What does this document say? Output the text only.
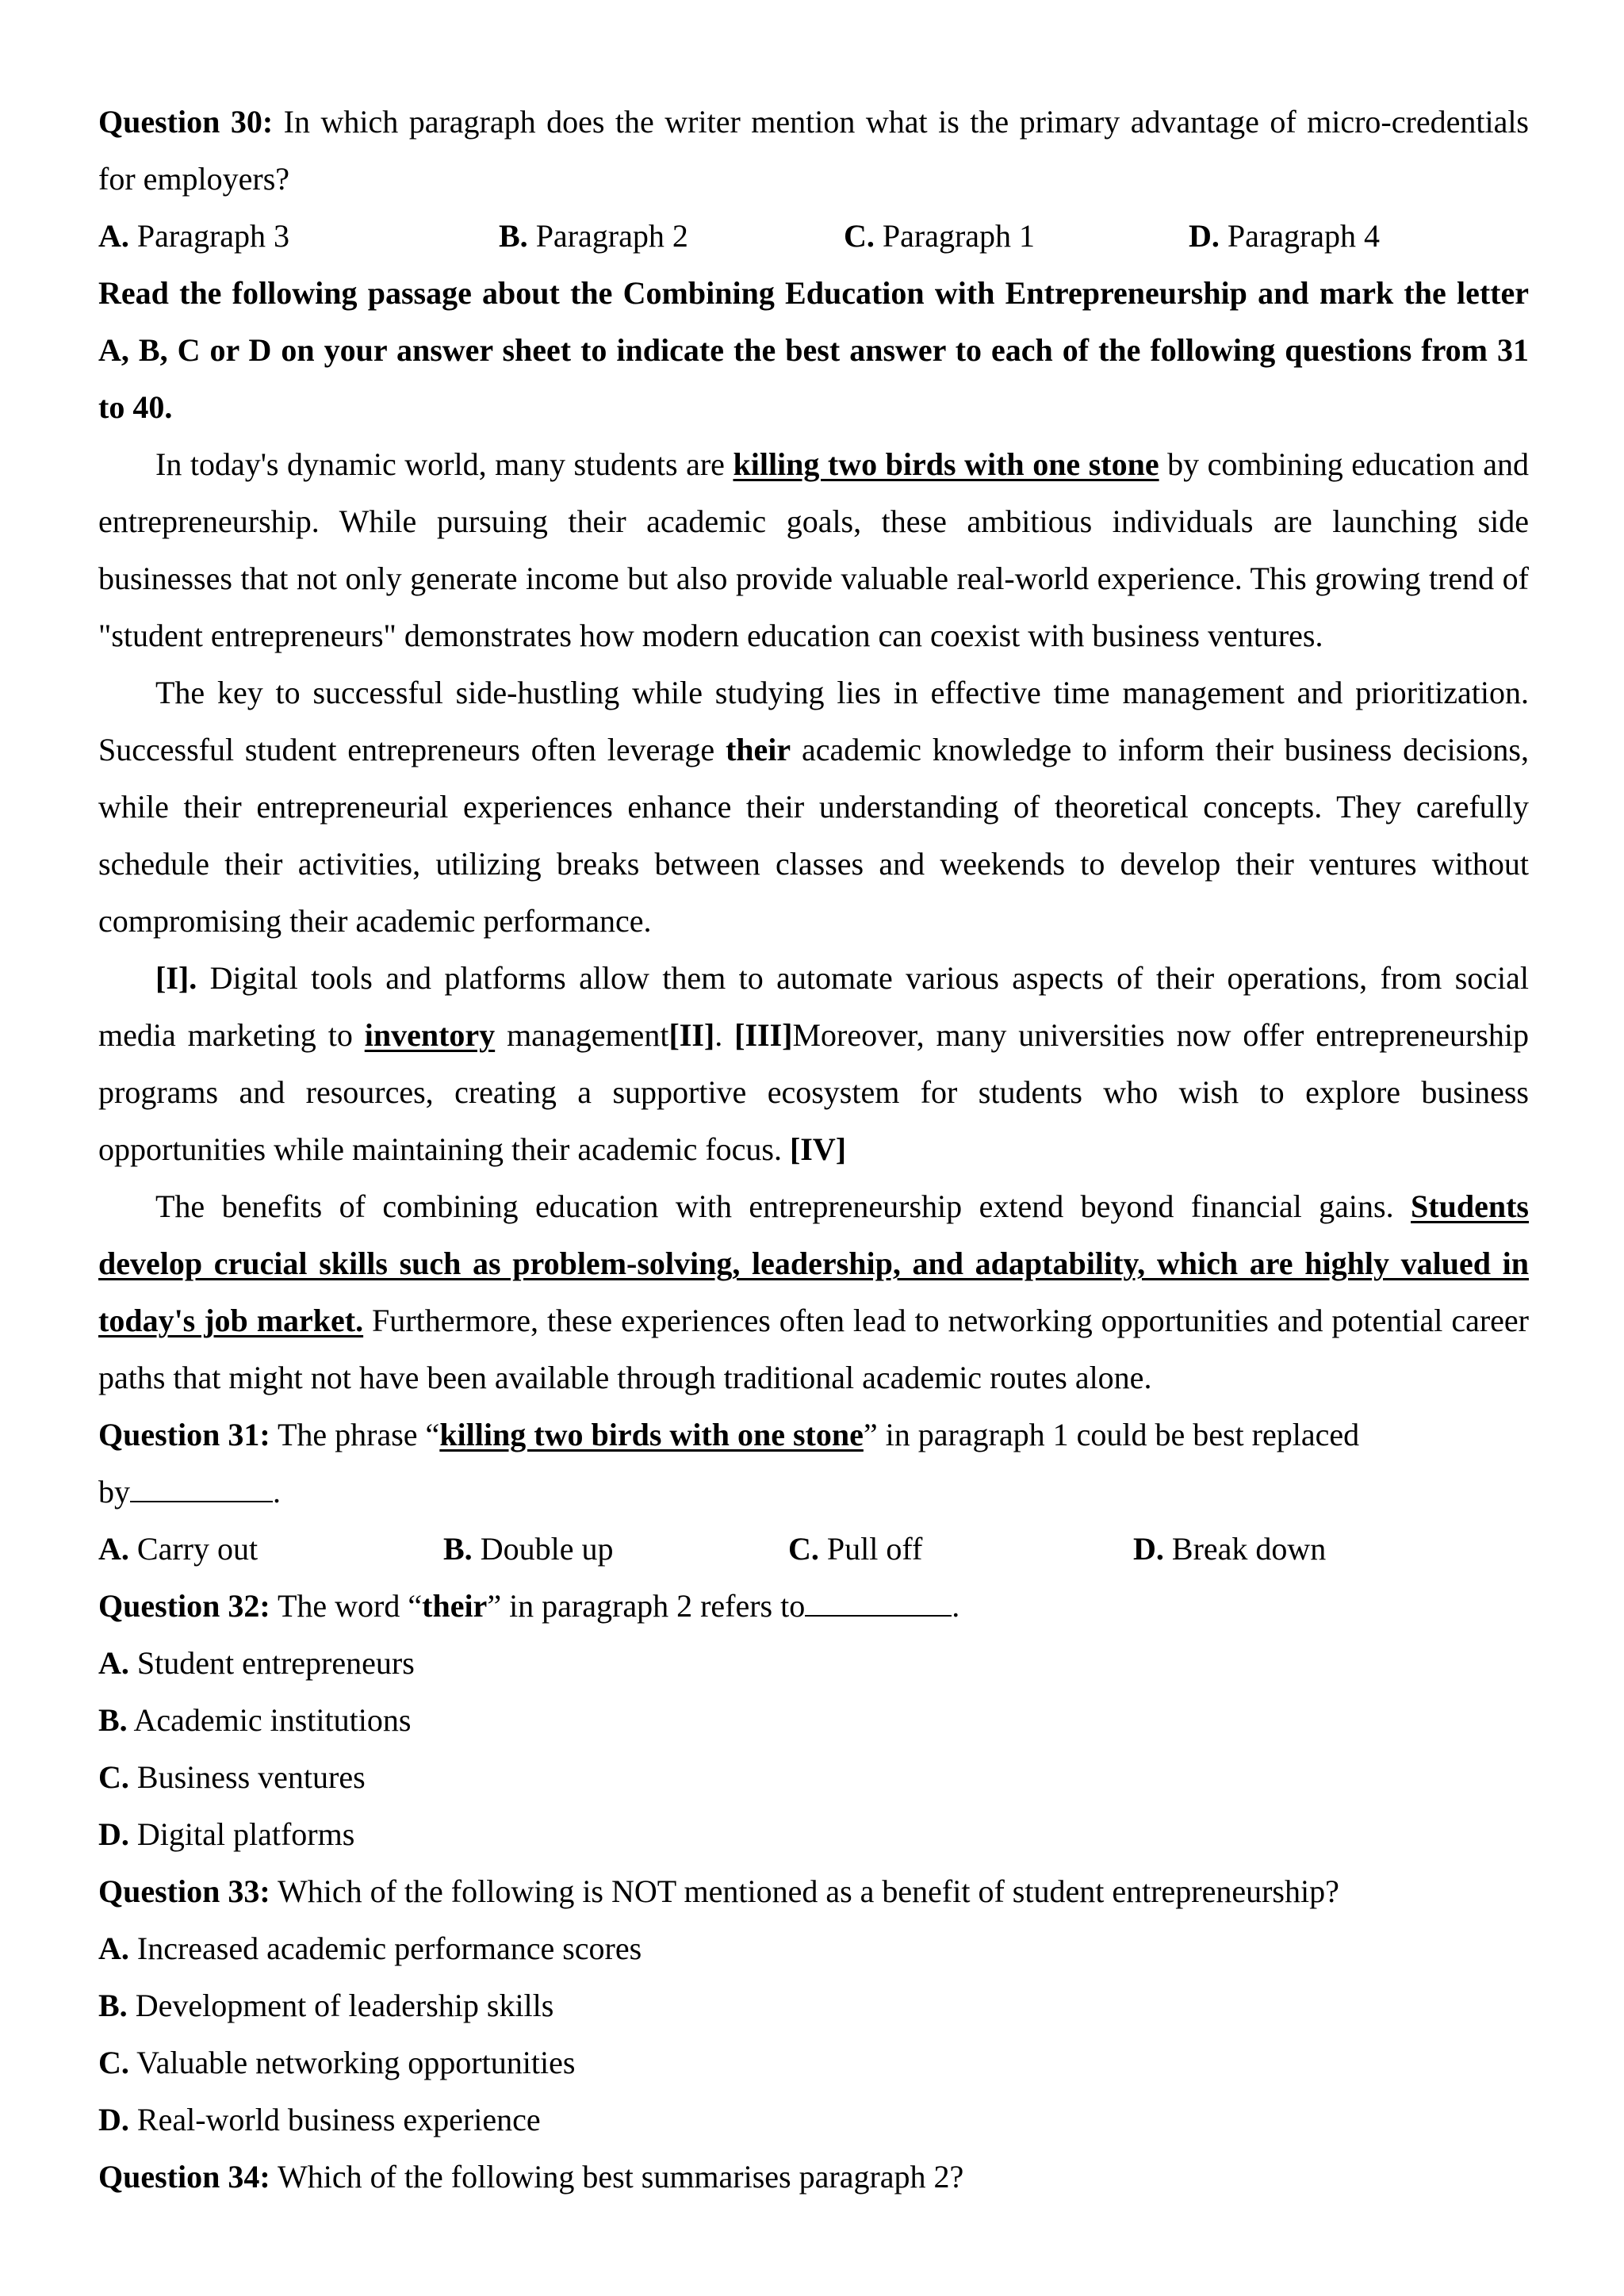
Question 30: In which paragraph does the writer mention what is the primary advantage of micro-credentials for employers?
A. Paragraph 3	B. Paragraph 2	C. Paragraph 1	D. Paragraph 4
Read the following passage about the Combining Education with Entrepreneurship and mark the letter A, B, C or D on your answer sheet to indicate the best answer to each of the following questions from 31 to 40.
In today's dynamic world, many students are killing two birds with one stone by combining education and entrepreneurship. While pursuing their academic goals, these ambitious individuals are launching side businesses that not only generate income but also provide valuable real-world experience. This growing trend of "student entrepreneurs" demonstrates how modern education can coexist with business ventures.
The key to successful side-hustling while studying lies in effective time management and prioritization. Successful student entrepreneurs often leverage their academic knowledge to inform their business decisions, while their entrepreneurial experiences enhance their understanding of theoretical concepts. They carefully schedule their activities, utilizing breaks between classes and weekends to develop their ventures without compromising their academic performance.
[I]. Digital tools and platforms allow them to automate various aspects of their operations, from social media marketing to inventory management[II]. [III]Moreover, many universities now offer entrepreneurship programs and resources, creating a supportive ecosystem for students who wish to explore business opportunities while maintaining their academic focus. [IV]
The benefits of combining education with entrepreneurship extend beyond financial gains. Students develop crucial skills such as problem-solving, leadership, and adaptability, which are highly valued in today's job market. Furthermore, these experiences often lead to networking opportunities and potential career paths that might not have been available through traditional academic routes alone.
Question 31: The phrase “killing two birds with one stone” in paragraph 1 could be best replaced
by	.
A. Carry out	B. Double up	C. Pull off	D. Break down
Question 32: The word “their” in paragraph 2 refers to	.
A. Student entrepreneurs
B. Academic institutions
C. Business ventures
D. Digital platforms
Question 33: Which of the following is NOT mentioned as a benefit of student entrepreneurship?
A. Increased academic performance scores
B. Development of leadership skills
C. Valuable networking opportunities
D. Real-world business experience
Question 34: Which of the following best summarises paragraph 2?
